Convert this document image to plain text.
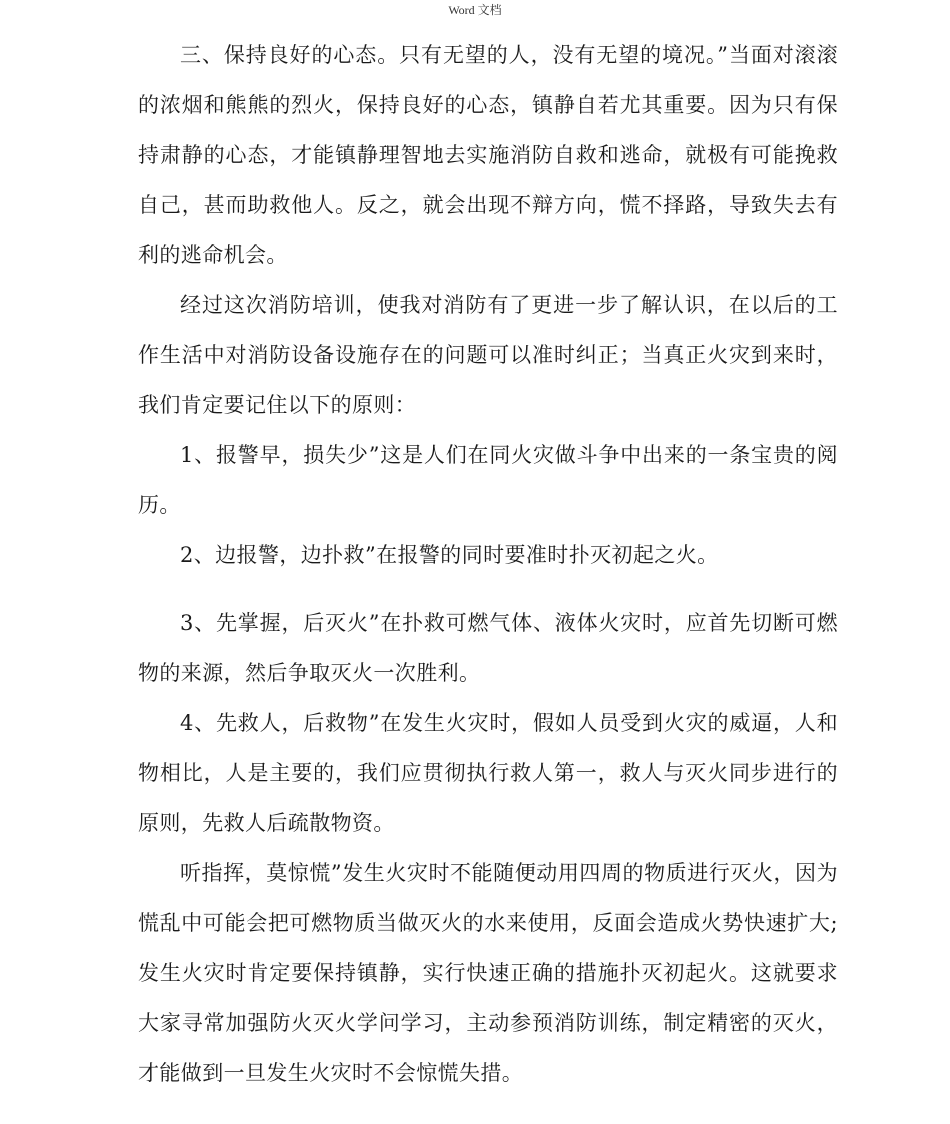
Word 文档

三、保持良好的心态。只有无望的人，没有无望的境况。”当面对滚滚的浓烟和熊熊的烈火，保持良好的心态，镇静自若尤其重要。因为只有保持肃静的心态，才能镇静理智地去实施消防自救和逃命，就极有可能挽救自己，甚而助救他人。反之，就会出现不辩方向，慌不择路，导致失去有利的逃命机会。

经过这次消防培训，使我对消防有了更进一步了解认识，在以后的工作生活中对消防设备设施存在的问题可以准时纠正；当真正火灾到来时，我们肯定要记住以下的原则：

1、报警早，损失少”这是人们在同火灾做斗争中出来的一条宝贵的阅历。

2、边报警，边扑救”在报警的同时要准时扑灭初起之火。

3、先掌握，后灭火”在扑救可燃气体、液体火灾时，应首先切断可燃物的来源，然后争取灭火一次胜利。

4、先救人，后救物”在发生火灾时，假如人员受到火灾的威逼，人和物相比，人是主要的，我们应贯彻执行救人第一，救人与灭火同步进行的原则，先救人后疏散物资。

听指挥，莫惊慌”发生火灾时不能随便动用四周的物质进行灭火，因为慌乱中可能会把可燃物质当做灭火的水来使用，反面会造成火势快速扩大;发生火灾时肯定要保持镇静，实行快速正确的措施扑灭初起火。这就要求大家寻常加强防火灭火学问学习，主动参预消防训练，制定精密的灭火，才能做到一旦发生火灾时不会惊慌失措。
